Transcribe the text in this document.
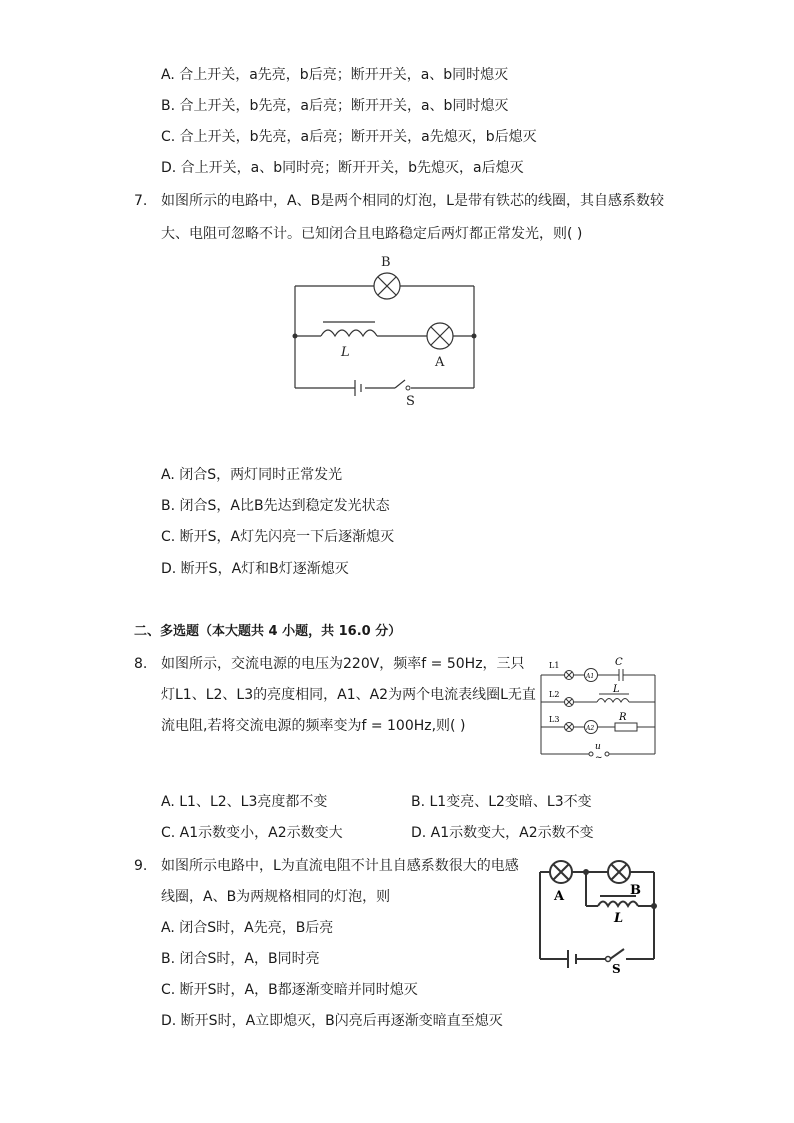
A. 合上开关，a先亮，b后亮；断开开关，a、b同时熄灭
B. 合上开关，b先亮，a后亮；断开开关，a、b同时熄灭
C. 合上开关，b先亮，a后亮；断开开关，a先熄灭，b后熄灭
D. 合上开关，a、b同时亮；断开开关，b先熄灭，a后熄灭
7. 如图所示的电路中，A、B是两个相同的灯泡，L是带有铁芯的线圈，其自感系数较
大、电阻可忽略不计。已知闭合且电路稳定后两灯都正常发光，则( )
B
A
L
S
A. 闭合S，两灯同时正常发光
B. 闭合S，A比B先达到稳定发光状态
C. 断开S，A灯先闪亮一下后逐渐熄灭
D. 断开S，A灯和B灯逐渐熄灭
二、多选题（本大题共 4 小题，共 16.0 分）
8. 如图所示，交流电源的电压为220V，频率f = 50Hz，三只
灯L1、L2、L3的亮度相同，A1、A2为两个电流表线圈L无直
流电阻,若将交流电源的频率变为f = 100Hz,则( )
L1
L2
L3
A1
A2
C
L
R
u
~
A. L1、L2、L3亮度都不变	B. L1变亮、L2变暗、L3不变
C. A1示数变小，A2示数变大	D. A1示数变大，A2示数不变
9. 如图所示电路中，L为直流电阻不计且自感系数很大的电感
线圈，A、B为两规格相同的灯泡，则	A	B
L
S
A. 闭合S时，A先亮，B后亮
B. 闭合S时，A，B同时亮
C. 断开S时，A，B都逐渐变暗并同时熄灭
D. 断开S时，A立即熄灭，B闪亮后再逐渐变暗直至熄灭
